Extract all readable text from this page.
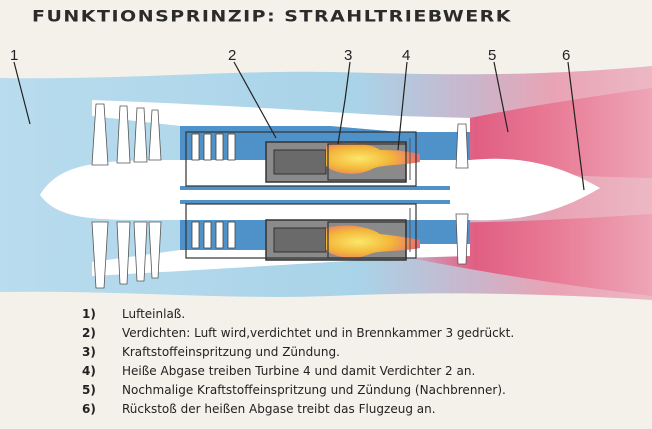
FUNKTIONSPRINZIP: STRAHLTRIEBWERK
1	2	3	4	5	6
1)	Lufteinlaß.
2)	Verdichten: Luft wird,verdichtet und in Brennkammer 3 gedrückt.
3)	Kraftstoffeinspritzung und Zündung.
4)	Heiße Abgase treiben Turbine 4 und damit Verdichter 2 an.
5)	Nochmalige Kraftstoffeinspritzung und Zündung (Nachbrenner).
6)	Rückstoß der heißen Abgase treibt das Flugzeug an.
